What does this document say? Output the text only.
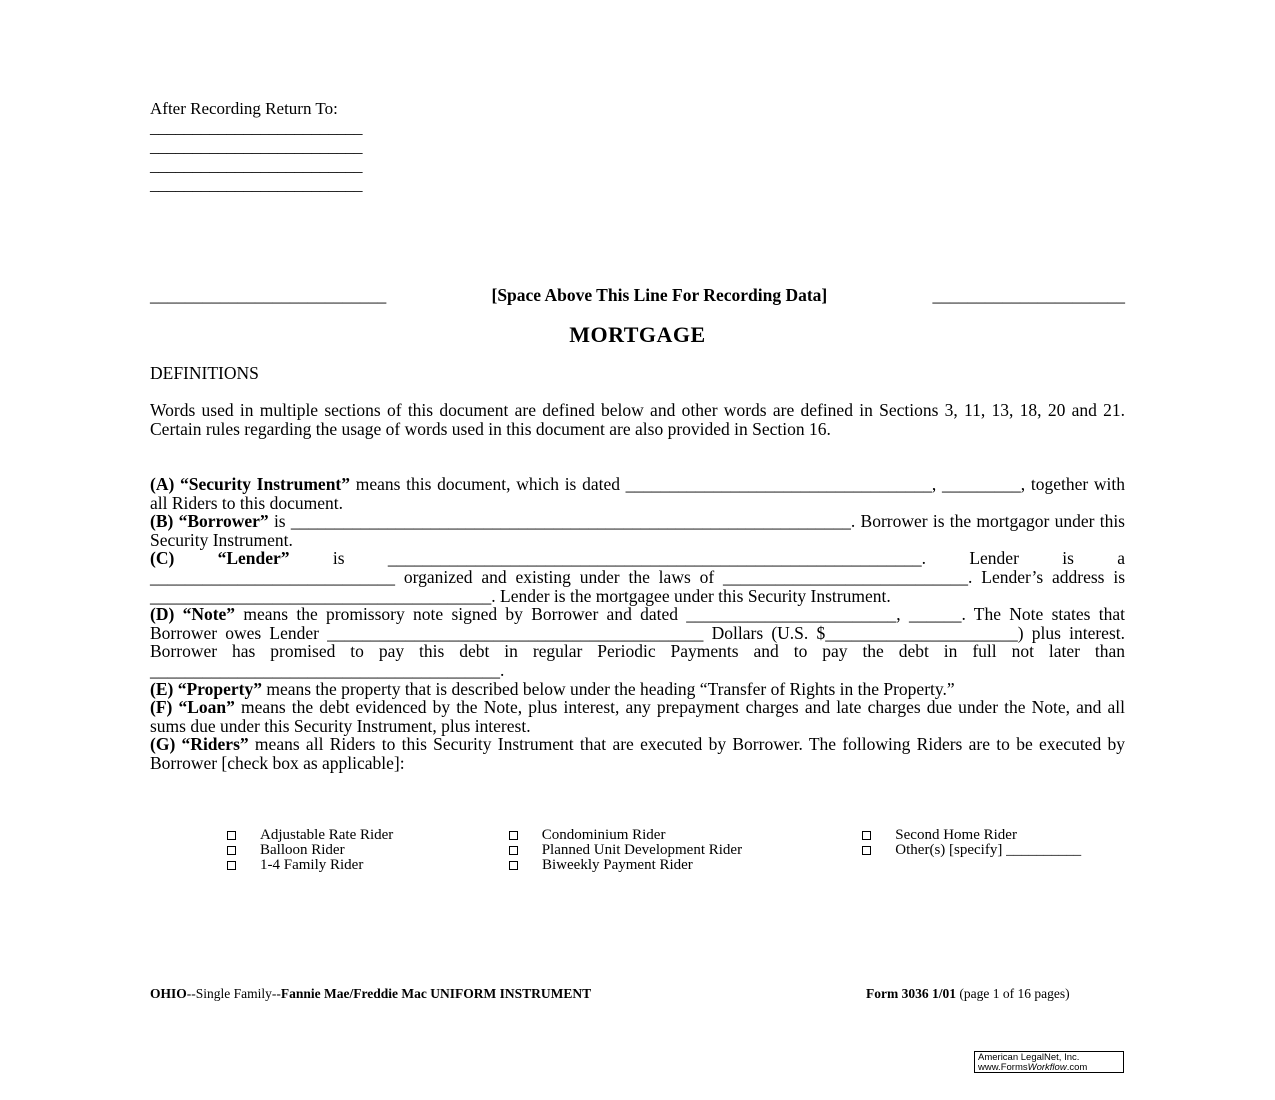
After Recording Return To:
_________________________
_________________________
_________________________
_________________________
___________________________	[Space Above This Line For Recording Data]	______________________
MORTGAGE
DEFINITIONS
Words used in multiple sections of this document are defined below and other words are defined in Sections 3, 11, 13, 18, 20 and 21. Certain rules regarding the usage of words used in this document are also provided in Section 16.

(A) “Security Instrument” means this document, which is dated ___________________________________, _________, together with all Riders to this document.

(B) “Borrower” is ________________________________________________________________. Borrower is the mortgagor under this Security Instrument.

(C) “Lender” is _____________________________________________________________. Lender is a ____________________________ organized and existing under the laws of ____________________________. Lender’s address is _______________________________________. Lender is the mortgagee under this Security Instrument.

(D) “Note” means the promissory note signed by Borrower and dated ________________________, ______. The Note states that Borrower owes Lender ___________________________________________ Dollars (U.S. $______________________) plus interest. Borrower has promised to pay this debt in regular Periodic Payments and to pay the debt in full not later than ________________________________________.

(E) “Property” means the property that is described below under the heading “Transfer of Rights in the Property.”

(F) “Loan” means the debt evidenced by the Note, plus interest, any prepayment charges and late charges due under the Note, and all sums due under this Security Instrument, plus interest.

(G) “Riders” means all Riders to this Security Instrument that are executed by Borrower. The following Riders are to be executed by Borrower [check box as applicable]:

Adjustable Rate Rider	Condominium Rider	Second Home Rider
Balloon Rider	Planned Unit Development Rider	Other(s) [specify] __________
1-4 Family Rider	Biweekly Payment Rider
OHIO--Single Family--Fannie Mae/Freddie Mac UNIFORM INSTRUMENT	Form 3036 1/01 (page 1 of 16 pages)
American LegalNet, Inc.
www.FormsWorkflow.com
